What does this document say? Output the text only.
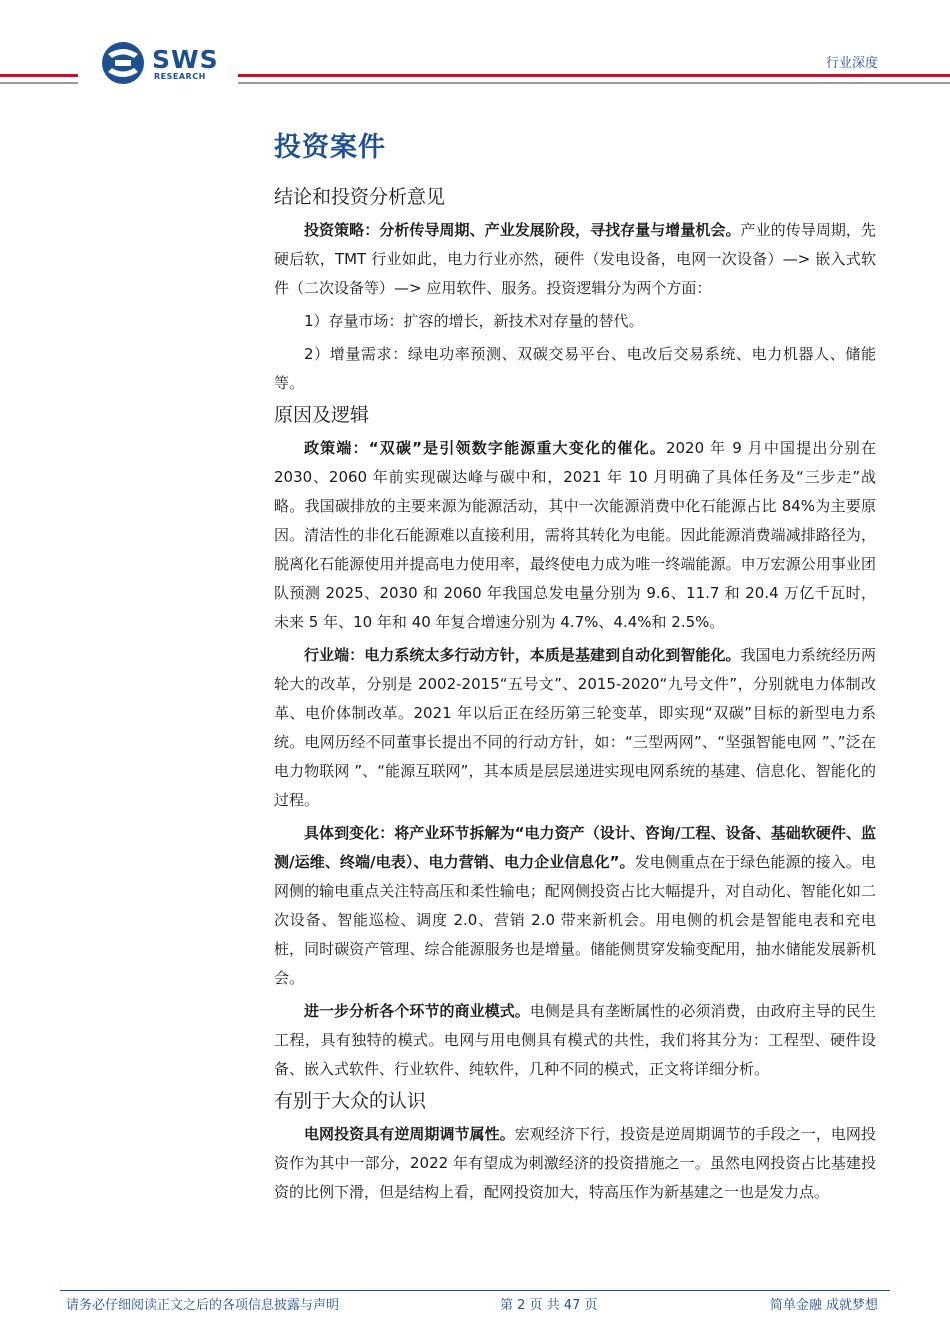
SWS
RESEARCH
行业深度
投资案件
结论和投资分析意见

投资策略：分析传导周期、产业发展阶段，寻找存量与增量机会。产业的传导周期，先硬后软，TMT 行业如此，电力行业亦然，硬件（发电设备，电网一次设备）—> 嵌入式软件（二次设备等）—> 应用软件、服务。投资逻辑分为两个方面：

1）存量市场：扩容的增长，新技术对存量的替代。

2）增量需求：绿电功率预测、双碳交易平台、电改后交易系统、电力机器人、储能等。

原因及逻辑

政策端：“双碳”是引领数字能源重大变化的催化。2020 年 9 月中国提出分别在 2030、2060 年前实现碳达峰与碳中和，2021 年 10 月明确了具体任务及“三步走”战略。我国碳排放的主要来源为能源活动，其中一次能源消费中化石能源占比 84%为主要原因。清洁性的非化石能源难以直接利用，需将其转化为电能。因此能源消费端减排路径为，脱离化石能源使用并提高电力使用率，最终使电力成为唯一终端能源。申万宏源公用事业团队预测 2025、2030 和 2060 年我国总发电量分别为 9.6、11.7 和 20.4 万亿千瓦时，未来 5 年、10 年和 40 年复合增速分别为 4.7%、4.4%和 2.5%。

行业端：电力系统太多行动方针，本质是基建到自动化到智能化。我国电力系统经历两轮大的改革，分别是 2002-2015“五号文”、2015-2020“九号文件”，分别就电力体制改革、电价体制改革。2021 年以后正在经历第三轮变革，即实现“双碳”目标的新型电力系统。电网历经不同董事长提出不同的行动方针，如：“三型两网”、“坚强智能电网 ”、”泛在电力物联网 ”、“能源互联网”，其本质是层层递进实现电网系统的基建、信息化、智能化的过程。

具体到变化：将产业环节拆解为“电力资产（设计、咨询/工程、设备、基础软硬件、监测/运维、终端/电表）、电力营销、电力企业信息化”。发电侧重点在于绿色能源的接入。电网侧的输电重点关注特高压和柔性输电；配网侧投资占比大幅提升，对自动化、智能化如二次设备、智能巡检、调度 2.0、营销 2.0 带来新机会。用电侧的机会是智能电表和充电桩，同时碳资产管理、综合能源服务也是增量。储能侧贯穿发输变配用，抽水储能发展新机会。

进一步分析各个环节的商业模式。电侧是具有垄断属性的必须消费，由政府主导的民生工程，具有独特的模式。电网与用电侧具有模式的共性，我们将其分为：工程型、硬件设备、嵌入式软件、行业软件、纯软件，几种不同的模式，正文将详细分析。

有别于大众的认识

电网投资具有逆周期调节属性。宏观经济下行，投资是逆周期调节的手段之一，电网投资作为其中一部分，2022 年有望成为刺激经济的投资措施之一。虽然电网投资占比基建投资的比例下滑，但是结构上看，配网投资加大，特高压作为新基建之一也是发力点。

请务必仔细阅读正文之后的各项信息披露与声明	第 2 页 共 47 页	简单金融 成就梦想
